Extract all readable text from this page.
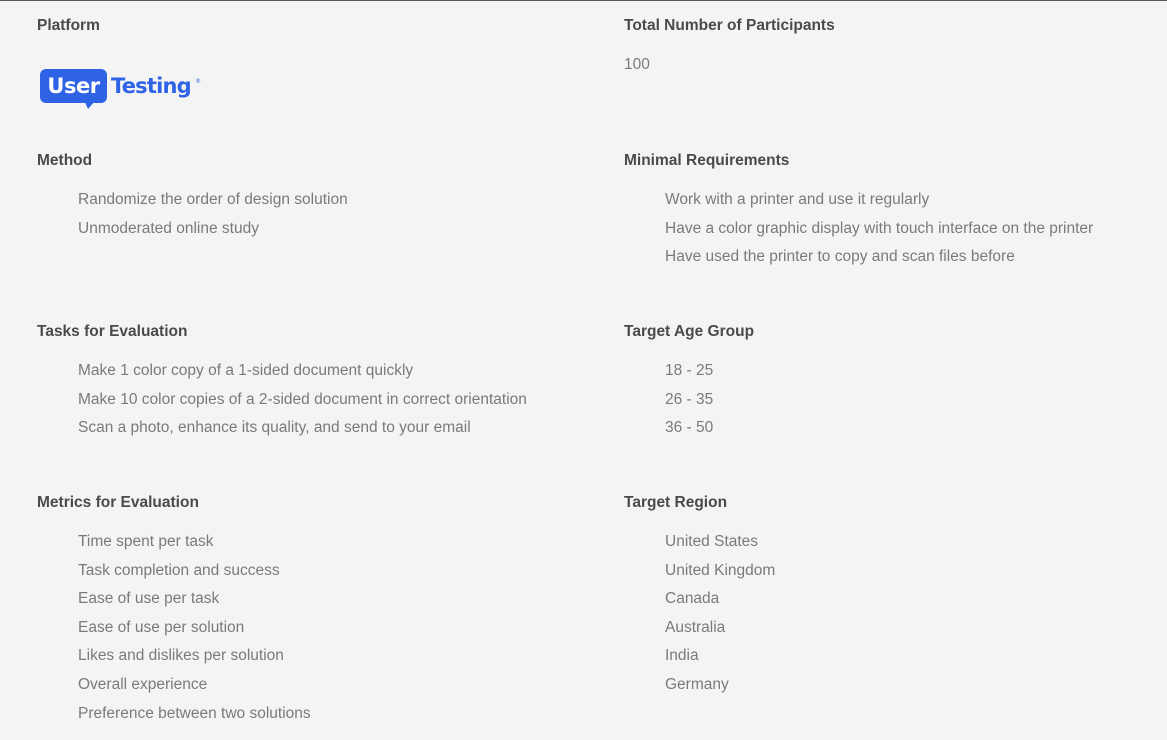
Platform
User Testing ®
Total Number of Participants
100
Method
Randomize the order of design solution
Unmoderated online study
Minimal Requirements
Work with a printer and use it regularly
Have a color graphic display with touch interface on the printer
Have used the printer to copy and scan files before
Tasks for Evaluation
Make 1 color copy of a 1-sided document quickly
Make 10 color copies of a 2-sided document in correct orientation
Scan a photo, enhance its quality, and send to your email
Target Age Group
18 - 25
26 - 35
36 - 50
Metrics for Evaluation
Time spent per task
Task completion and success
Ease of use per task
Ease of use per solution
Likes and dislikes per solution
Overall experience
Preference between two solutions
Target Region
United States
United Kingdom
Canada
Australia
India
Germany
